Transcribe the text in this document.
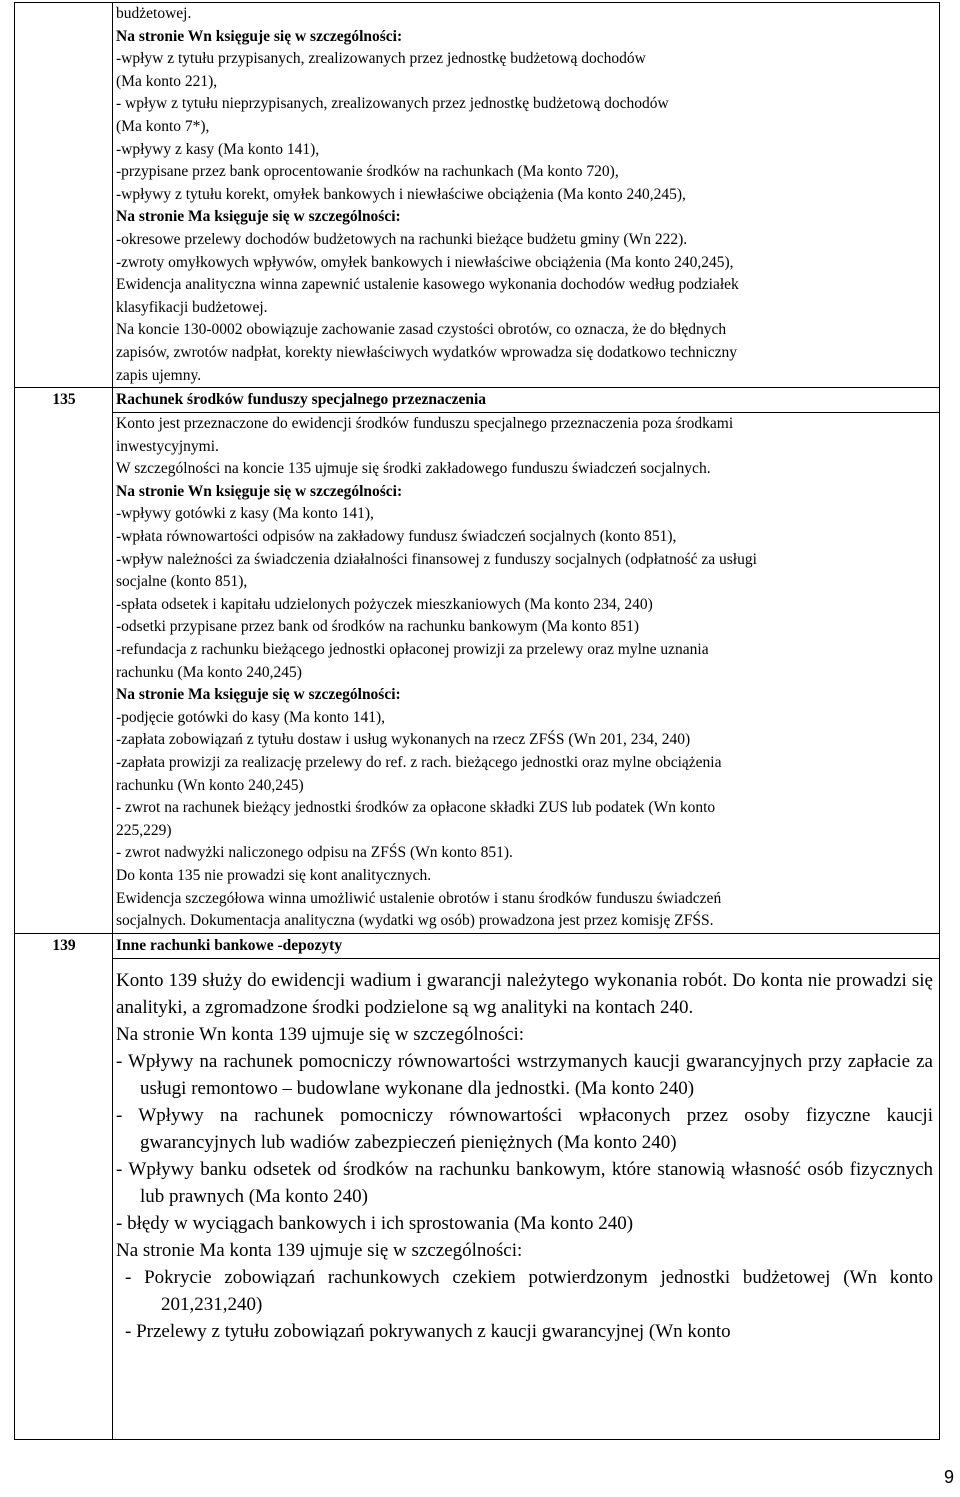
budżetowej.

Na stronie Wn księguje się w szczególności:

-wpływ z tytułu przypisanych, zrealizowanych przez jednostkę budżetową dochodów

(Ma konto 221),

- wpływ z tytułu nieprzypisanych, zrealizowanych przez jednostkę budżetową dochodów

(Ma konto 7*),

-wpływy z kasy (Ma konto 141),

-przypisane przez bank oprocentowanie środków na rachunkach (Ma konto 720),

-wpływy z tytułu korekt, omyłek bankowych i niewłaściwe obciążenia (Ma konto 240,245),

Na stronie Ma księguje się w szczególności:

-okresowe przelewy dochodów budżetowych na rachunki bieżące budżetu gminy (Wn 222).

-zwroty omyłkowych wpływów, omyłek bankowych i niewłaściwe obciążenia (Ma konto 240,245),

Ewidencja analityczna winna zapewnić ustalenie kasowego wykonania dochodów według podziałek

klasyfikacji budżetowej.

Na koncie 130-0002 obowiązuje zachowanie zasad czystości obrotów, co oznacza, że do błędnych

zapisów, zwrotów nadpłat, korekty niewłaściwych wydatków wprowadza się dodatkowo techniczny

zapis ujemny.

135	Rachunek środków funduszy specjalnego przeznaczenia

Konto jest przeznaczone do ewidencji środków funduszu specjalnego przeznaczenia poza środkami

inwestycyjnymi.

W szczególności na koncie 135 ujmuje się środki zakładowego funduszu świadczeń socjalnych.

Na stronie Wn księguje się w szczególności:

-wpływy gotówki z kasy (Ma konto 141),

-wpłata równowartości odpisów na zakładowy fundusz świadczeń socjalnych (konto 851),

-wpływ należności za świadczenia działalności finansowej z funduszy socjalnych (odpłatność za usługi

socjalne (konto 851),

-spłata odsetek i kapitału udzielonych pożyczek mieszkaniowych (Ma konto 234, 240)

-odsetki przypisane przez bank od środków na rachunku bankowym (Ma konto 851)

-refundacja z rachunku bieżącego jednostki opłaconej prowizji za przelewy oraz mylne uznania

rachunku (Ma konto 240,245)

Na stronie Ma księguje się w szczególności:

-podjęcie gotówki do kasy (Ma konto 141),

-zapłata zobowiązań z tytułu dostaw i usług wykonanych na rzecz ZFŚS (Wn 201, 234, 240)

-zapłata prowizji za realizację przelewy do ref. z rach. bieżącego jednostki oraz mylne obciążenia

rachunku (Wn konto 240,245)

- zwrot na rachunek bieżący jednostki środków za opłacone składki ZUS lub podatek (Wn konto

225,229)

- zwrot nadwyżki naliczonego odpisu na ZFŚS (Wn konto 851).

Do konta 135 nie prowadzi się kont analitycznych.

Ewidencja szczegółowa winna umożliwić ustalenie obrotów i stanu środków funduszu świadczeń

socjalnych. Dokumentacja analityczna (wydatki wg osób) prowadzona jest przez komisję ZFŚS.

139	Inne rachunki bankowe -depozyty

Konto 139 służy do ewidencji wadium i gwarancji należytego wykonania robót. Do konta nie prowadzi się analityki, a zgromadzone środki podzielone są wg analityki na kontach 240.

Na stronie Wn konta 139 ujmuje się w szczególności:

- Wpływy na rachunek pomocniczy równowartości wstrzymanych kaucji gwarancyjnych przy zapłacie za usługi remontowo – budowlane wykonane dla jednostki. (Ma konto 240)

- Wpływy na rachunek pomocniczy równowartości wpłaconych przez osoby fizyczne kaucji gwarancyjnych lub wadiów zabezpieczeń pieniężnych (Ma konto 240)

- Wpływy banku odsetek od środków na rachunku bankowym, które stanowią własność osób fizycznych lub prawnych (Ma konto 240)

- błędy w wyciągach bankowych i ich sprostowania (Ma konto 240)

Na stronie Ma konta 139 ujmuje się w szczególności:

- Pokrycie zobowiązań rachunkowych czekiem potwierdzonym jednostki budżetowej (Wn konto 201,231,240)

- Przelewy z tytułu zobowiązań pokrywanych z kaucji gwarancyjnej (Wn konto

9
